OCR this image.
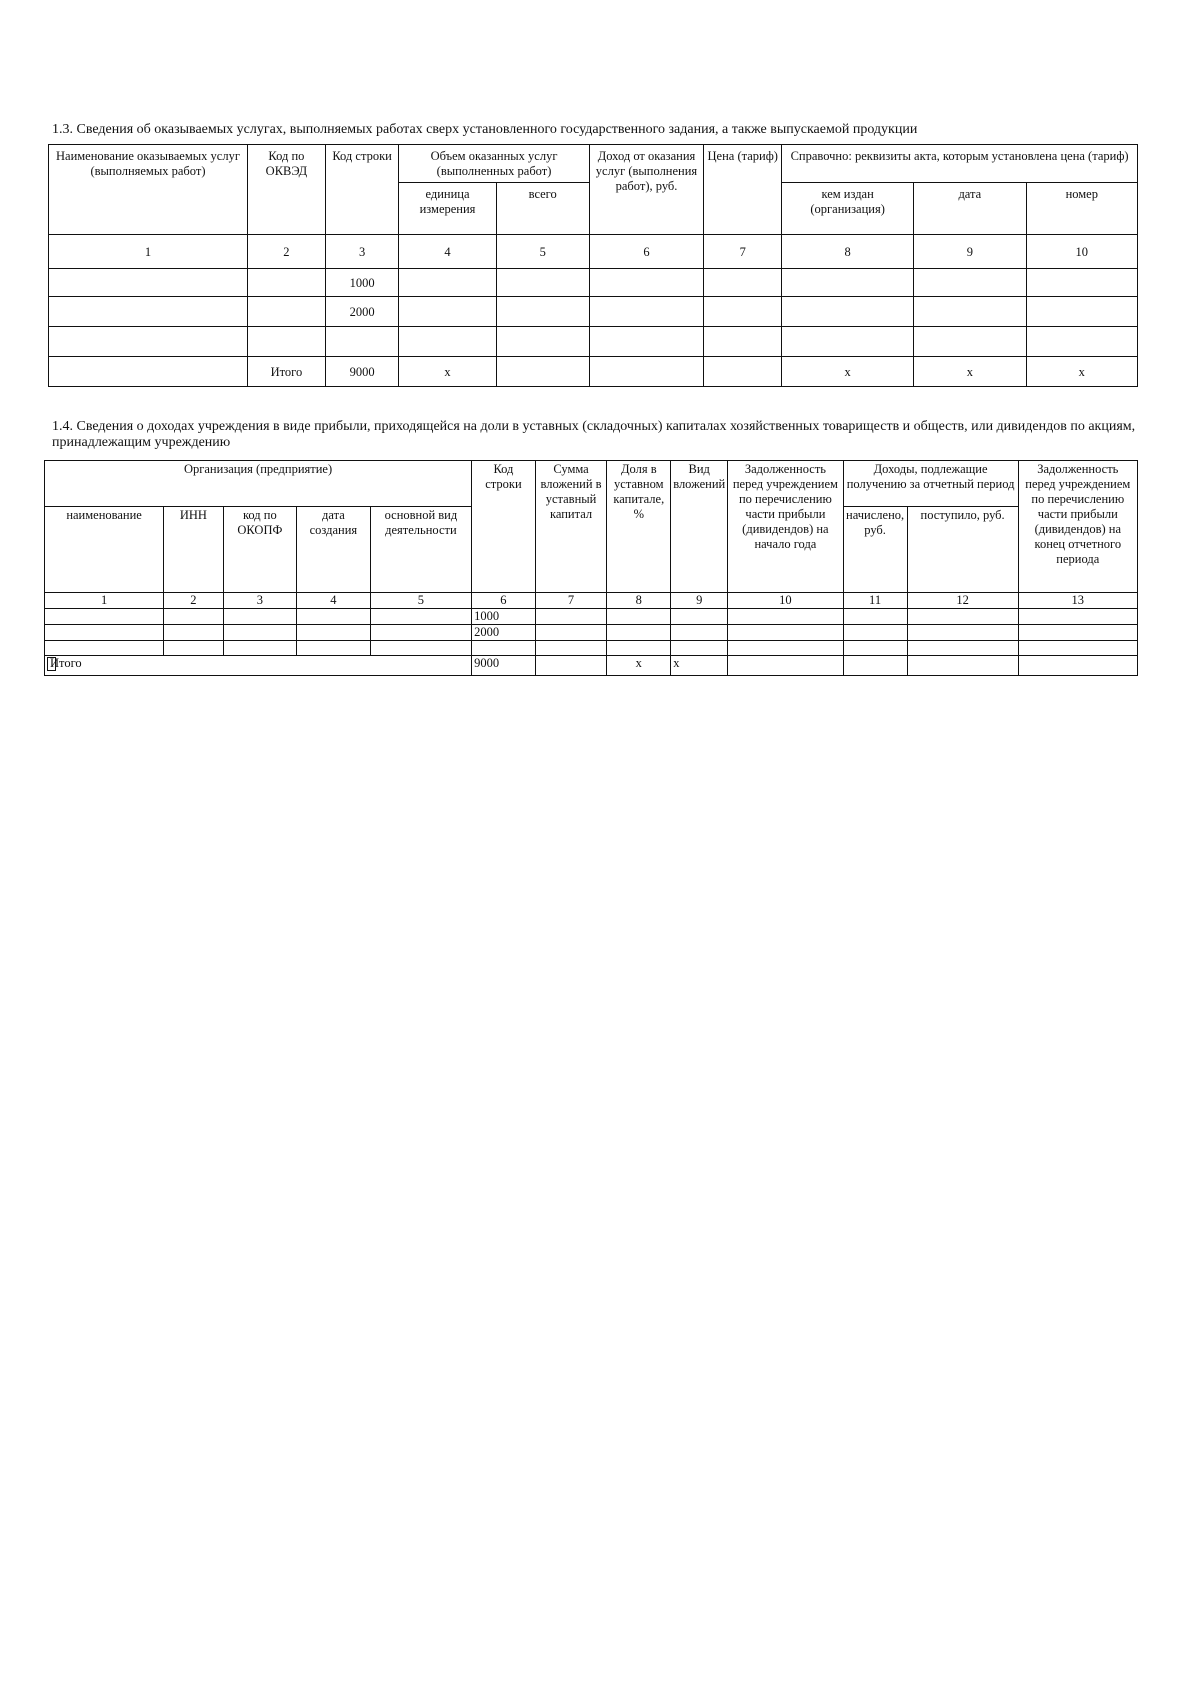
1.3. Сведения об оказываемых услугах, выполняемых работах сверх установленного государственного задания, а также выпускаемой продукции
Наименование оказываемых услуг (выполняемых работ)	Код по ОКВЭД	Код строки	Объем оказанных услуг (выполненных работ)		Доход от оказания услуг (выполнения работ), руб.	Цена (тариф)	Справочно: реквизиты акта, которым установлена цена (тариф)		
			единица измерения	всего			кем издан (организация)	дата	номер
1	2	3	4	5	6	7	8	9	10
		1000							
		2000							

	Итого	9000	x				x	x	x
1.4. Сведения о доходах учреждения в виде прибыли, приходящейся на доли в уставных (складочных) капиталах хозяйственных товариществ и обществ, или дивидендов по акциям, принадлежащим учреждению
Организация (предприятие)					Код строки	Сумма вложений в уставный капитал	Доля в уставном капитале, %	Вид вложений	Задолженность перед учреждением по перечислению части прибыли (дивидендов) на начало года	Доходы, подлежащие получению за отчетный период		Задолженность перед учреждением по перечислению части прибыли (дивидендов) на конец отчетного периода
наименование	ИНН	код по ОКОПФ	дата создания	основной вид деятельности						начислено, руб.	поступило, руб.	
1	2	3	4	5	6	7	8	9	10	11	12	13
					1000							
					2000							

Итого					9000		x	x				
